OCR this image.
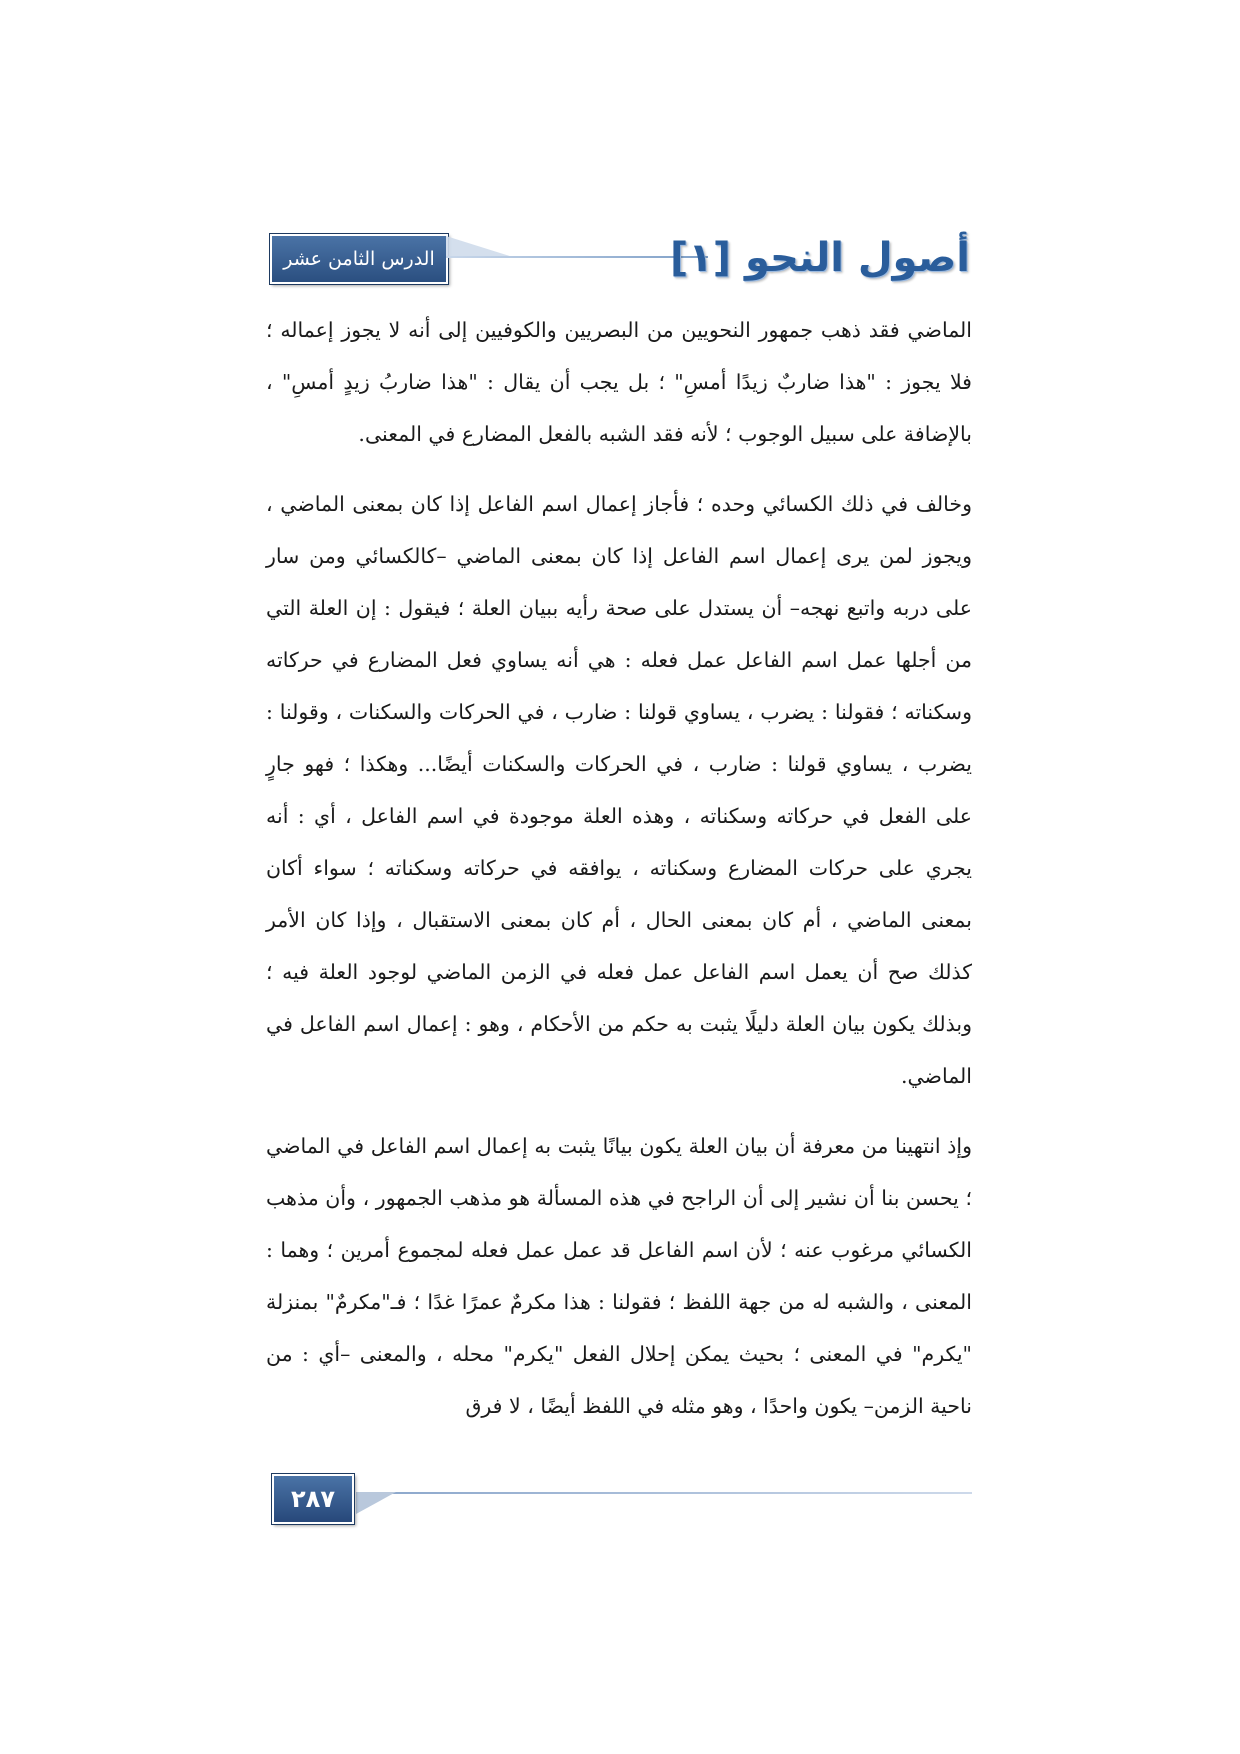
الدرس الثامن عشر	أصول النحو [١]

الماضي فقد ذهب جمهور النحويين من البصريين والكوفيين إلى أنه لا يجوز إعماله ؛ فلا يجوز : "هذا ضاربٌ زيدًا أمسِ" ؛ بل يجب أن يقال : "هذا ضاربُ زيدٍ أمسِ" ، بالإضافة على سبيل الوجوب ؛ لأنه فقد الشبه بالفعل المضارع في المعنى.

وخالف في ذلك الكسائي وحده ؛ فأجاز إعمال اسم الفاعل إذا كان بمعنى الماضي ، ويجوز لمن يرى إعمال اسم الفاعل إذا كان بمعنى الماضي –كالكسائي ومن سار على دربه واتبع نهجه– أن يستدل على صحة رأيه ببيان العلة ؛ فيقول : إن العلة التي من أجلها عمل اسم الفاعل عمل فعله : هي أنه يساوي فعل المضارع في حركاته وسكناته ؛ فقولنا : يضرب ، يساوي قولنا : ضارب ، في الحركات والسكنات ، وقولنا : يضرب ، يساوي قولنا : ضارب ، في الحركات والسكنات أيضًا... وهكذا ؛ فهو جارٍ على الفعل في حركاته وسكناته ، وهذه العلة موجودة في اسم الفاعل ، أي : أنه يجري على حركات المضارع وسكناته ، يوافقه في حركاته وسكناته ؛ سواء أكان بمعنى الماضي ، أم كان بمعنى الحال ، أم كان بمعنى الاستقبال ، وإذا كان الأمر كذلك صح أن يعمل اسم الفاعل عمل فعله في الزمن الماضي لوجود العلة فيه ؛ وبذلك يكون بيان العلة دليلًا يثبت به حكم من الأحكام ، وهو : إعمال اسم الفاعل في الماضي.

وإذ انتهينا من معرفة أن بيان العلة يكون بيانًا يثبت به إعمال اسم الفاعل في الماضي ؛ يحسن بنا أن نشير إلى أن الراجح في هذه المسألة هو مذهب الجمهور ، وأن مذهب الكسائي مرغوب عنه ؛ لأن اسم الفاعل قد عمل عمل فعله لمجموع أمرين ؛ وهما : المعنى ، والشبه له من جهة اللفظ ؛ فقولنا : هذا مكرمٌ عمرًا غدًا ؛ فـ"مكرمٌ" بمنزلة "يكرم" في المعنى ؛ بحيث يمكن إحلال الفعل "يكرم" محله ، والمعنى –أي : من ناحية الزمن– يكون واحدًا ، وهو مثله في اللفظ أيضًا ، لا فرق

٢٨٧
